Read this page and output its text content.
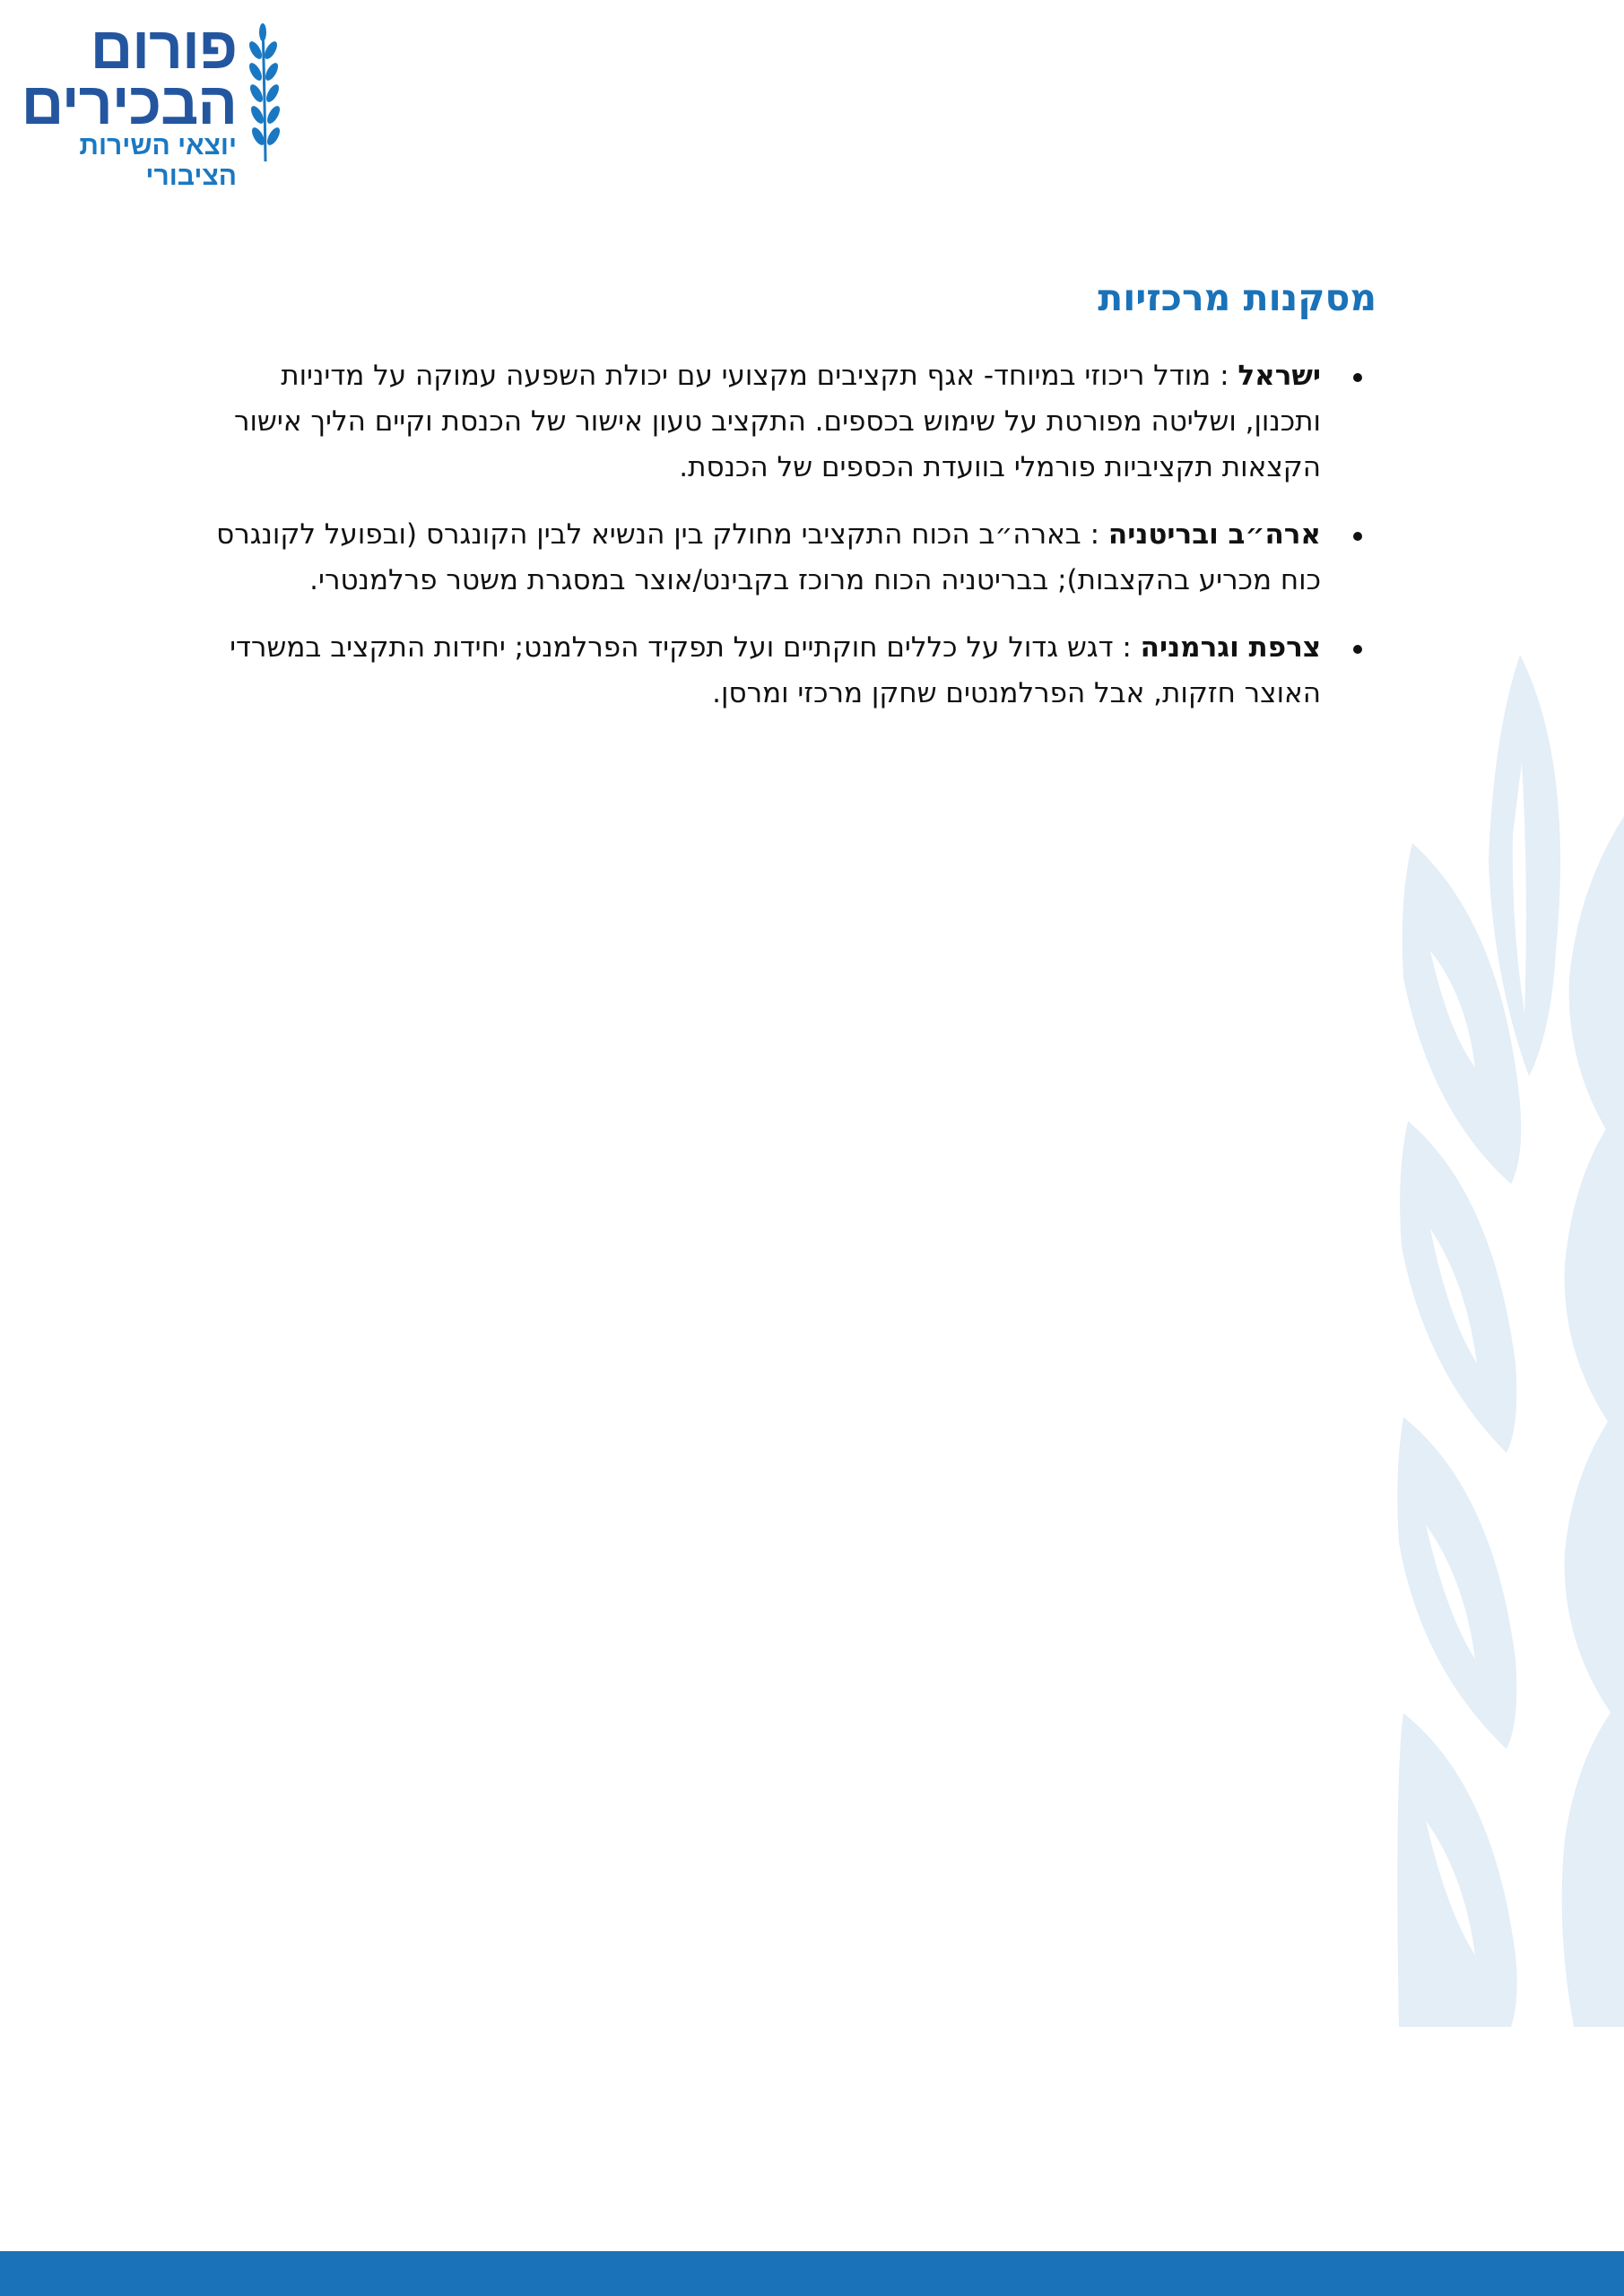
פורום
הבכירים
יוצאי השירות הציבורי
מסקנות מרכזיות
ישראל : מודל ריכוזי במיוחד- אגף תקציבים מקצועי עם יכולת השפעה עמוקה על מדיניות ותכנון, ושליטה מפורטת על שימוש בכספים. התקציב טעון אישור של הכנסת וקיים הליך אישור הקצאות תקציביות פורמלי בוועדת הכספים של הכנסת.
ארה״ב ובריטניה : בארה״ב הכוח התקציבי מחולק בין הנשיא לבין הקונגרס (ובפועל לקונגרס כוח מכריע בהקצבות); בבריטניה הכוח מרוכז בקבינט/אוצר במסגרת משטר פרלמנטרי.
צרפת וגרמניה : דגש גדול על כללים חוקתיים ועל תפקיד הפרלמנט; יחידות התקציב במשרדי האוצר חזקות, אבל הפרלמנטים שחקן מרכזי ומרסן.
